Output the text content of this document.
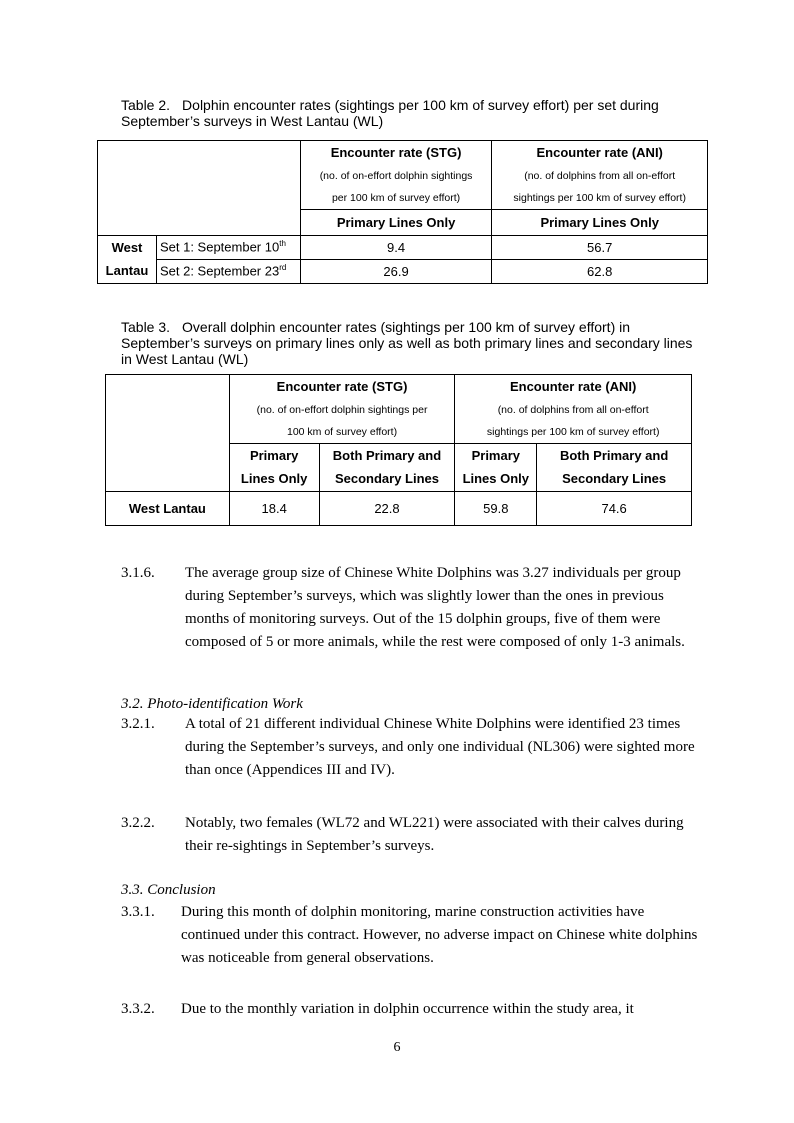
Table 2. Dolphin encounter rates (sightings per 100 km of survey effort) per set during September’s surveys in West Lantau (WL)
		Encounter rate (STG)	Encounter rate (ANI)
		(no. of on-effort dolphin sightings	(no. of dolphins from all on-effort
		per 100 km of survey effort)	sightings per 100 km of survey effort)
		Primary Lines Only	Primary Lines Only
West	Set 1: September 10th	9.4	56.7
Lantau	Set 2: September 23rd	26.9	62.8
Table 3. Overall dolphin encounter rates (sightings per 100 km of survey effort) in September’s surveys on primary lines only as well as both primary lines and secondary lines in West Lantau (WL)
	Encounter rate (STG)		Encounter rate (ANI)	
	(no. of on-effort dolphin sightings per		(no. of dolphins from all on-effort	
	100 km of survey effort)		sightings per 100 km of survey effort)	
	Primary	Both Primary and	Primary	Both Primary and
	Lines Only	Secondary Lines	Lines Only	Secondary Lines
West Lantau	18.4	22.8	59.8	74.6
3.1.6. The average group size of Chinese White Dolphins was 3.27 individuals per group during September’s surveys, which was slightly lower than the ones in previous months of monitoring surveys. Out of the 15 dolphin groups, five of them were composed of 5 or more animals, while the rest were composed of only 1-3 animals.
3.2. Photo-identification Work
3.2.1. A total of 21 different individual Chinese White Dolphins were identified 23 times during the September’s surveys, and only one individual (NL306) were sighted more than once (Appendices III and IV).
3.2.2. Notably, two females (WL72 and WL221) were associated with their calves during their re-sightings in September’s surveys.
3.3. Conclusion
3.3.1. During this month of dolphin monitoring, marine construction activities have continued under this contract. However, no adverse impact on Chinese white dolphins was noticeable from general observations.
3.3.2. Due to the monthly variation in dolphin occurrence within the study area, it
6
